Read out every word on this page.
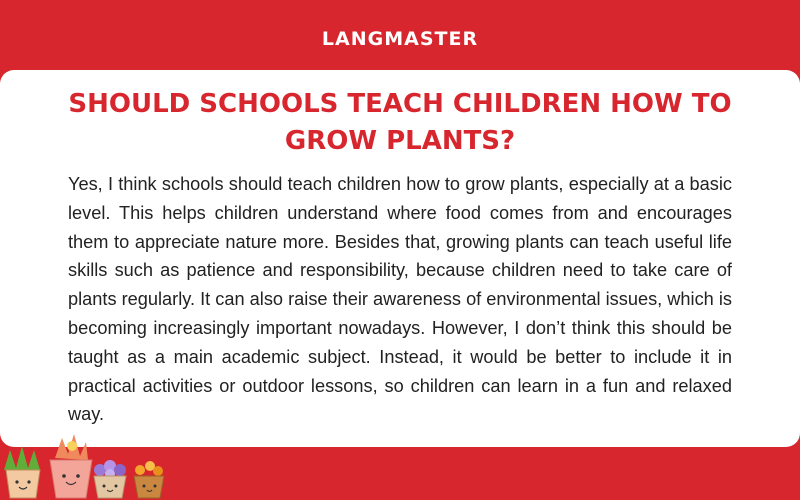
LANGMASTER
SHOULD SCHOOLS TEACH CHILDREN HOW TO GROW PLANTS?
Yes, I think schools should teach children how to grow plants, especially at a basic level. This helps children understand where food comes from and encourages them to appreciate nature more. Besides that, growing plants can teach useful life skills such as patience and responsibility, because children need to take care of plants regularly. It can also raise their awareness of environmental issues, which is becoming increasingly important nowadays. However, I don’t think this should be taught as a main academic subject. Instead, it would be better to include it in practical activities or outdoor lessons, so children can learn in a fun and relaxed way.
